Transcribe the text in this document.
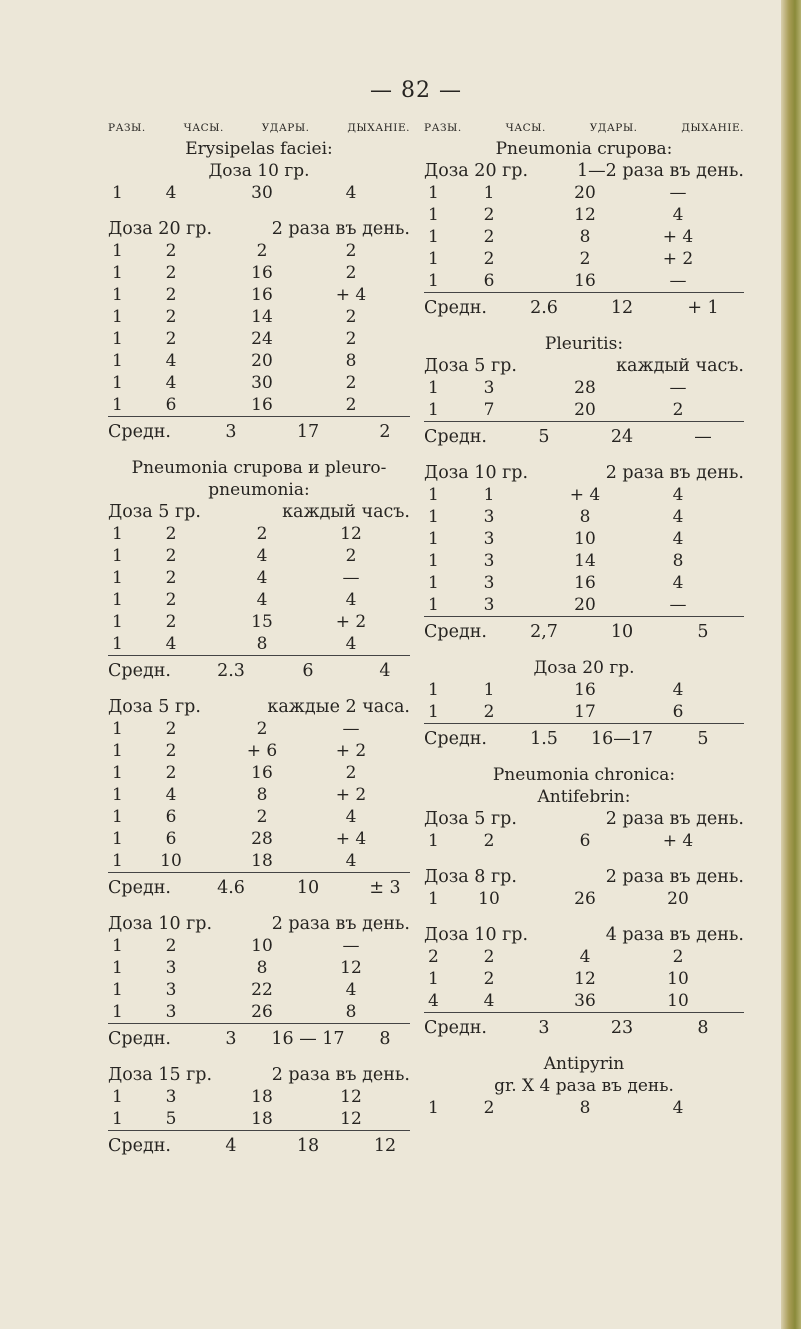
— 82 —
РАЗЫ.	ЧАСЫ.	УДАРЫ.	ДЫХАНІЕ.
Erysipelas faciei:
Доза 10 гр.
1	4	30	4
Доза 20 гр.	2 раза въ день.
1	2	2	2
1	2	16	2
1	2	16	+ 4
1	2	14	2
1	2	24	2
1	4	20	8
1	4	30	2
1	6	16	2
Средн.	3	17	2
Pneumonia crupoвa и pleuro-
pneumonia:
Доза 5 гр.	каждый часъ.
1	2	2	12
1	2	4	2
1	2	4	—
1	2	4	4
1	2	15	+ 2
1	4	8	4
Средн.	2.3	6	4
Доза 5 гр.	каждые 2 часа.
1	2	2	—
1	2	+ 6	+ 2
1	2	16	2
1	4	8	+ 2
1	6	2	4
1	6	28	+ 4
1	10	18	4
Средн.	4.6	10	± 3
Доза 10 гр.	2 раза въ день.
1	2	10	—
1	3	8	12
1	3	22	4
1	3	26	8
Средн.	3	16 — 17	8
Доза 15 гр.	2 раза въ день.
1	3	18	12
1	5	18	12
Средн.	4	18	12
РАЗЫ.	ЧАСЫ.	УДАРЫ.	ДЫХАНІЕ.
Pneumonia crupoвa:
Доза 20 гр.	1—2 раза въ день.
1	1	20	—
1	2	12	4
1	2	8	+ 4
1	2	2	+ 2
1	6	16	—
Средн.	2.6	12	+ 1
Pleuritis:
Доза 5 гр.	каждый часъ.
1	3	28	—
1	7	20	2
Средн.	5	24	—
Доза 10 гр.	2 раза въ день.
1	1	+ 4	4
1	3	8	4
1	3	10	4
1	3	14	8
1	3	16	4
1	3	20	—
Средн.	2,7	10	5
Доза 20 гр.
1	1	16	4
1	2	17	6
Средн.	1.5	16—17	5
Pneumonia chronica:
Antifebrin:
Доза 5 гр.	2 раза въ день.
1	2	6	+ 4
Доза 8 гр.	2 раза въ день.
1	10	26	20
Доза 10 гр.	4 раза въ день.
2	2	4	2
1	2	12	10
4	4	36	10
Средн.	3	23	8
Antipyrin
gr. X 4 раза въ день.
1	2	8	4
